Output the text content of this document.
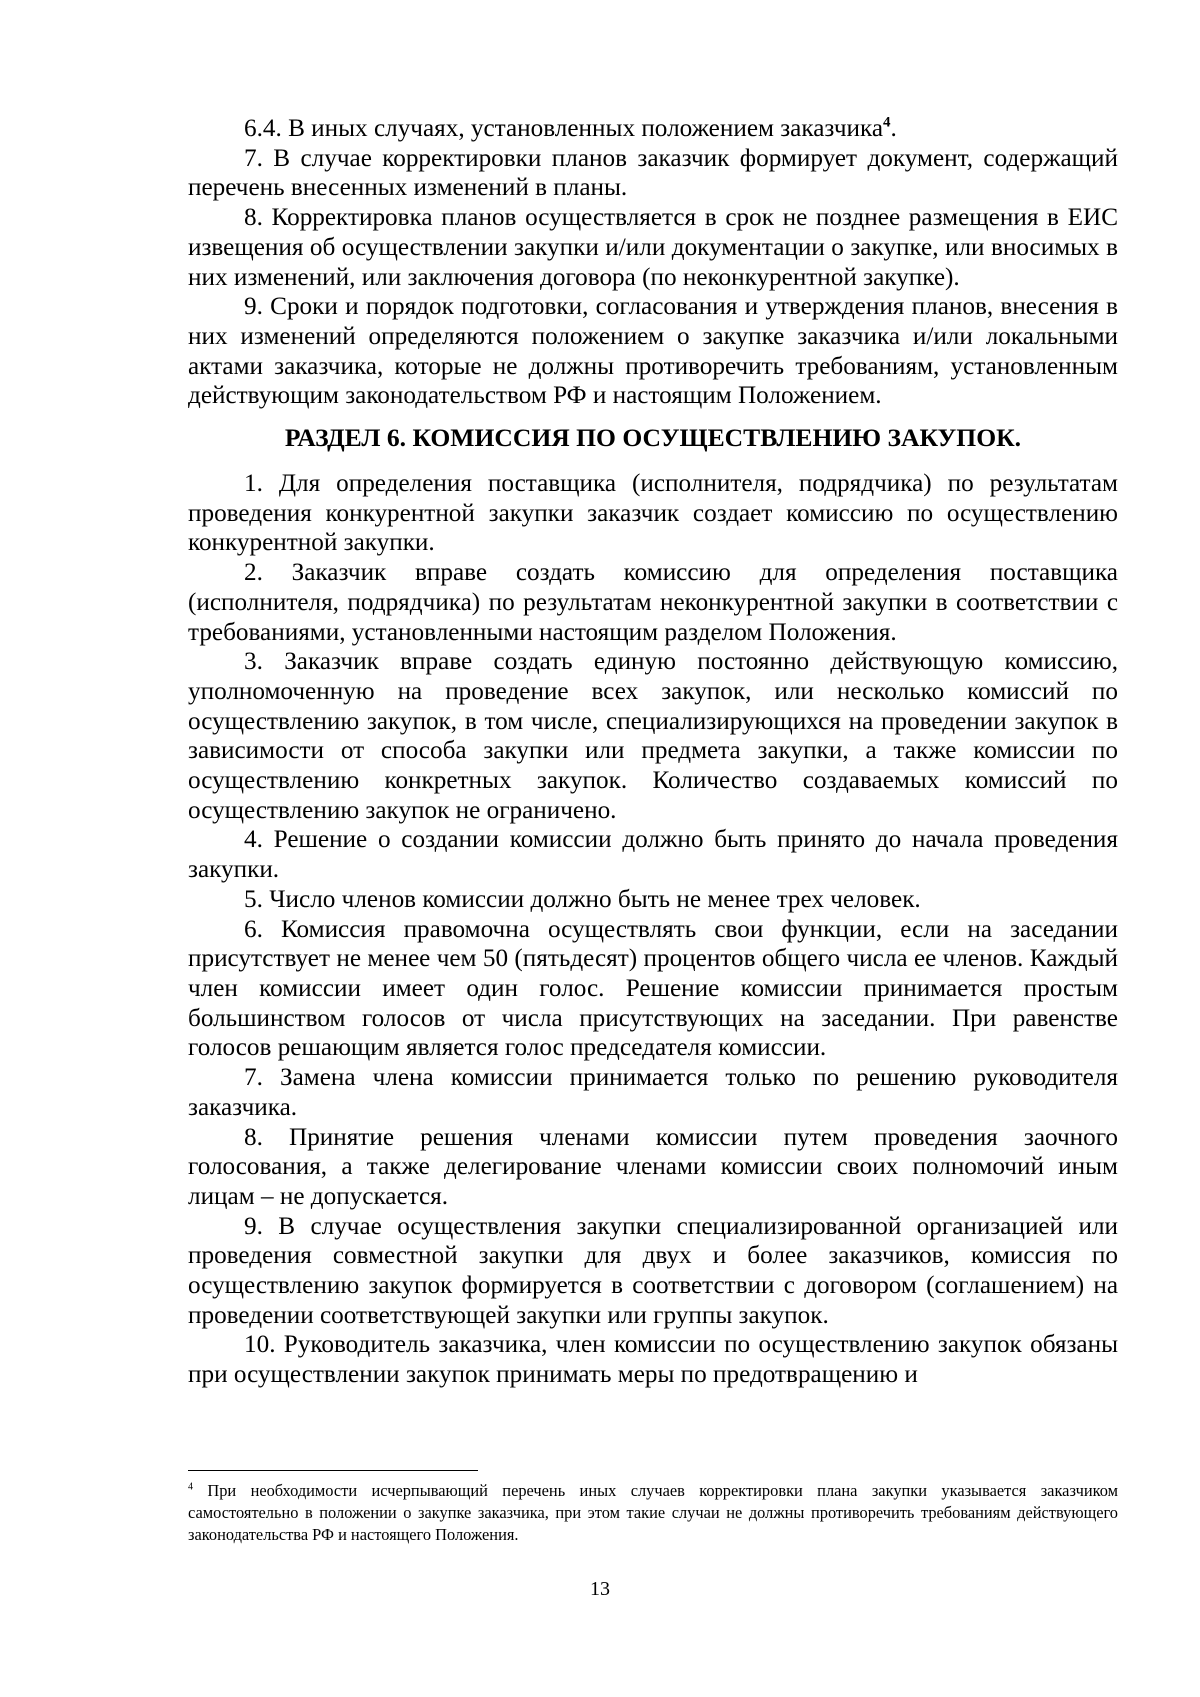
6.4. В иных случаях, установленных положением заказчика$^4$.

7. В случае корректировки планов заказчик формирует документ, содержащий перечень внесенных изменений в планы.

8. Корректировка планов осуществляется в срок не позднее размещения в ЕИС извещения об осуществлении закупки и/или документации о закупке, или вносимых в них изменений, или заключения договора (по неконкурентной закупке).

9. Сроки и порядок подготовки, согласования и утверждения планов, внесения в них изменений определяются положением о закупке заказчика и/или локальными актами заказчика, которые не должны противоречить требованиям, установленным действующим законодательством РФ и настоящим Положением.

РАЗДЕЛ 6. КОМИССИЯ ПО ОСУЩЕСТВЛЕНИЮ ЗАКУПОК.

1. Для определения поставщика (исполнителя, подрядчика) по результатам проведения конкурентной закупки заказчик создает комиссию по осуществлению конкурентной закупки.

2. Заказчик вправе создать комиссию для определения поставщика (исполнителя, подрядчика) по результатам неконкурентной закупки в соответствии с требованиями, установленными настоящим разделом Положения.

3. Заказчик вправе создать единую постоянно действующую комиссию, уполномоченную на проведение всех закупок, или несколько комиссий по осуществлению закупок, в том числе, специализирующихся на проведении закупок в зависимости от способа закупки или предмета закупки, а также комиссии по осуществлению конкретных закупок. Количество создаваемых комиссий по осуществлению закупок не ограничено.

4. Решение о создании комиссии должно быть принято до начала проведения закупки.

5. Число членов комиссии должно быть не менее трех человек.

6. Комиссия правомочна осуществлять свои функции, если на заседании присутствует не менее чем 50 (пятьдесят) процентов общего числа ее членов. Каждый член комиссии имеет один голос. Решение комиссии принимается простым большинством голосов от числа присутствующих на заседании. При равенстве голосов решающим является голос председателя комиссии.

7. Замена члена комиссии принимается только по решению руководителя заказчика.

8. Принятие решения членами комиссии путем проведения заочного голосования, а также делегирование членами комиссии своих полномочий иным лицам – не допускается.

9. В случае осуществления закупки специализированной организацией или проведения совместной закупки для двух и более заказчиков, комиссия по осуществлению закупок формируется в соответствии с договором (соглашением) на проведении соответствующей закупки или группы закупок.

10. Руководитель заказчика, член комиссии по осуществлению закупок обязаны при осуществлении закупок принимать меры по предотвращению и

$^4$ При необходимости исчерпывающий перечень иных случаев корректировки плана закупки указывается заказчиком самостоятельно в положении о закупке заказчика, при этом такие случаи не должны противоречить требованиям действующего законодательства РФ и настоящего Положения.

13
